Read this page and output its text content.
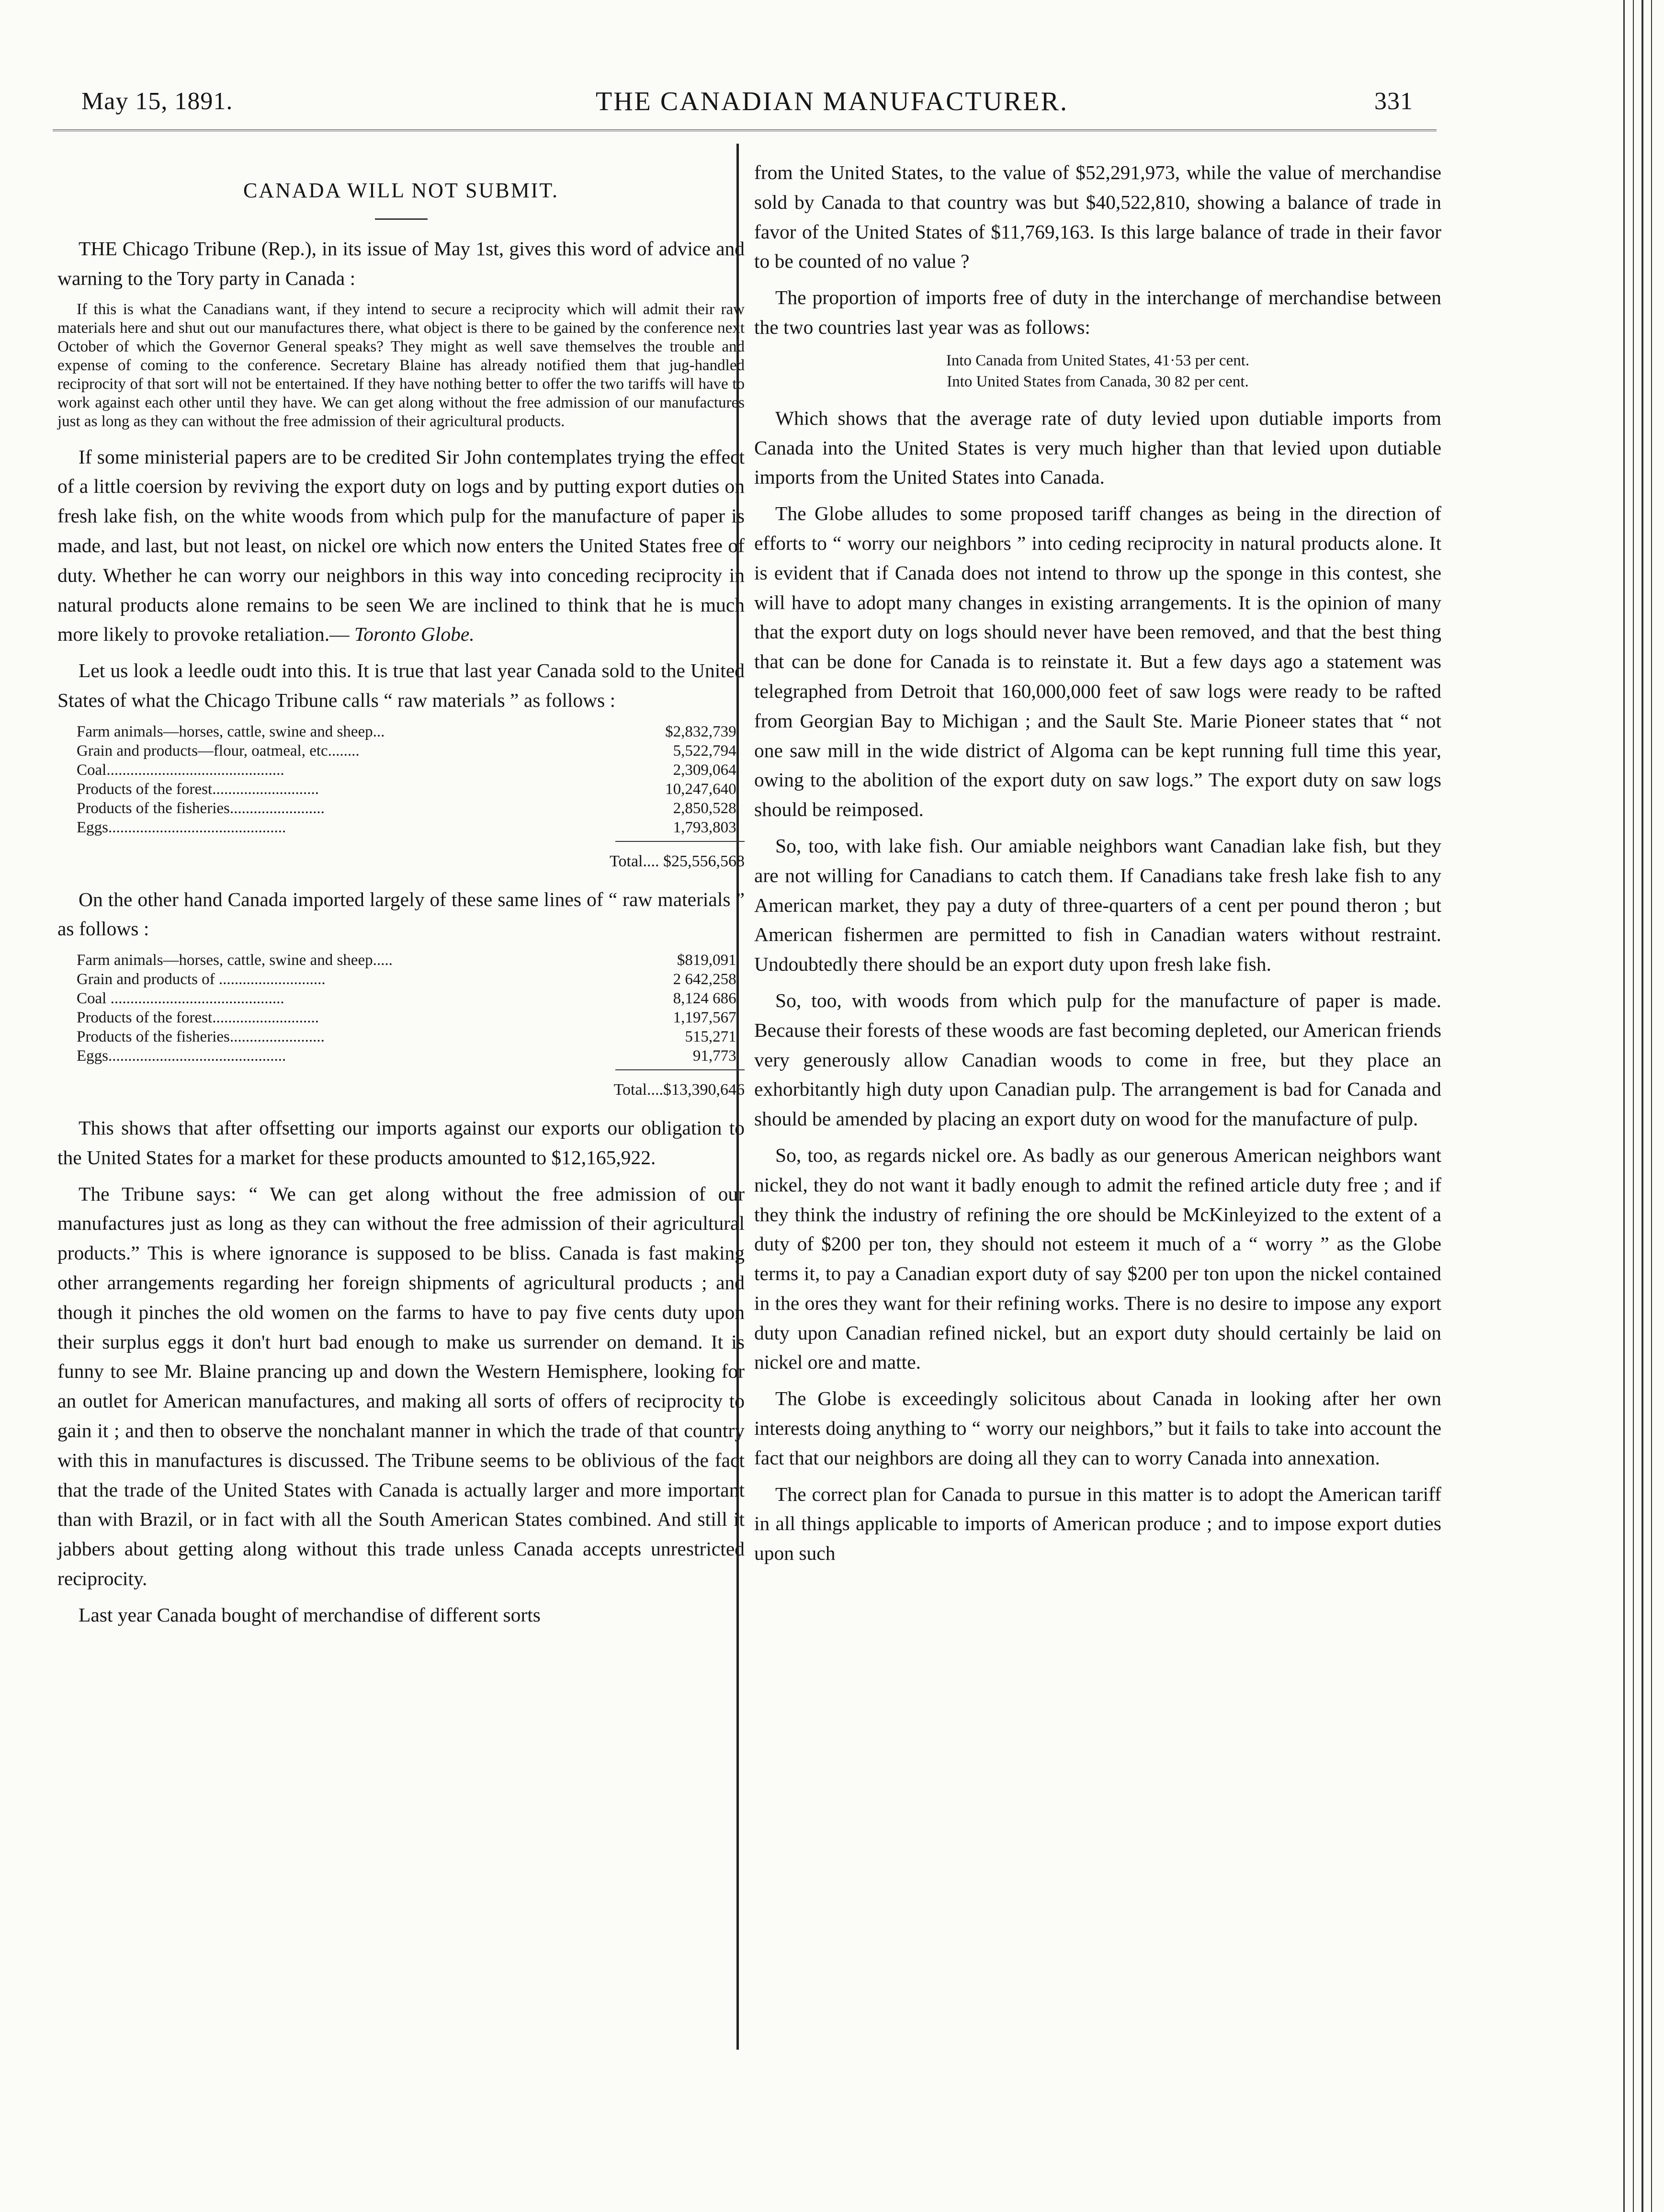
May 15, 1891.	THE CANADIAN MANUFACTURER.	331
CANADA WILL NOT SUBMIT.

THE Chicago Tribune (Rep.), in its issue of May 1st, gives this word of advice and warning to the Tory party in Canada :

If this is what the Canadians want, if they intend to secure a reciprocity which will admit their raw materials here and shut out our manufactures there, what object is there to be gained by the conference next October of which the Governor General speaks? They might as well save themselves the trouble and expense of coming to the conference. Secretary Blaine has already notified them that jug-handled reciprocity of that sort will not be entertained. If they have nothing better to offer the two tariffs will have to work against each other until they have. We can get along without the free admission of our manufactures just as long as they can without the free admission of their agricultural products.

If some ministerial papers are to be credited Sir John contemplates trying the effect of a little coersion by reviving the export duty on logs and by putting export duties on fresh lake fish, on the white woods from which pulp for the manufacture of paper is made, and last, but not least, on nickel ore which now enters the United States free of duty. Whether he can worry our neighbors in this way into conceding reciprocity in natural products alone remains to be seen We are inclined to think that he is much more likely to provoke retaliation.— Toronto Globe.

Let us look a leedle oudt into this. It is true that last year Canada sold to the United States of what the Chicago Tribune calls “ raw materials ” as follows :

Farm animals—horses, cattle, swine and sheep...	$2,832,739
Grain and products—flour, oatmeal, etc........	5,522,794
Coal.............................................	2,309,064
Products of the forest...........................	10,247,640
Products of the fisheries........................	2,850,528
Eggs.............................................	1,793,803
Total.... $25,556,568

On the other hand Canada imported largely of these same lines of “ raw materials ” as follows :

Farm animals—horses, cattle, swine and sheep.....	$819,091
Grain and products of ...........................	2 642,258
Coal ............................................	8,124 686
Products of the forest...........................	1,197,567
Products of the fisheries........................	515,271
Eggs.............................................	91,773
Total....$13,390,646

This shows that after offsetting our imports against our exports our obligation to the United States for a market for these products amounted to $12,165,922.

The Tribune says: “ We can get along without the free admission of our manufactures just as long as they can without the free admission of their agricultural products.” This is where ignorance is supposed to be bliss. Canada is fast making other arrangements regarding her foreign shipments of agricultural products ; and though it pinches the old women on the farms to have to pay five cents duty upon their surplus eggs it don't hurt bad enough to make us surrender on demand. It is funny to see Mr. Blaine prancing up and down the Western Hemisphere, looking for an outlet for American manufactures, and making all sorts of offers of reciprocity to gain it ; and then to observe the nonchalant manner in which the trade of that country with this in manufactures is discussed. The Tribune seems to be oblivious of the fact that the trade of the United States with Canada is actually larger and more important than with Brazil, or in fact with all the South American States combined. And still it jabbers about getting along without this trade unless Canada accepts unrestricted reciprocity.

Last year Canada bought of merchandise of different sorts

from the United States, to the value of $52,291,973, while the value of merchandise sold by Canada to that country was but $40,522,810, showing a balance of trade in favor of the United States of $11,769,163. Is this large balance of trade in their favor to be counted of no value ?

The proportion of imports free of duty in the interchange of merchandise between the two countries last year was as follows:

Into Canada from United States, 41·53 per cent.
Into United States from Canada, 30 82 per cent.

Which shows that the average rate of duty levied upon dutiable imports from Canada into the United States is very much higher than that levied upon dutiable imports from the United States into Canada.

The Globe alludes to some proposed tariff changes as being in the direction of efforts to “ worry our neighbors ” into ceding reciprocity in natural products alone. It is evident that if Canada does not intend to throw up the sponge in this contest, she will have to adopt many changes in existing arrangements. It is the opinion of many that the export duty on logs should never have been removed, and that the best thing that can be done for Canada is to reinstate it. But a few days ago a statement was telegraphed from Detroit that 160,000,000 feet of saw logs were ready to be rafted from Georgian Bay to Michigan ; and the Sault Ste. Marie Pioneer states that “ not one saw mill in the wide district of Algoma can be kept running full time this year, owing to the abolition of the export duty on saw logs.” The export duty on saw logs should be reimposed.

So, too, with lake fish. Our amiable neighbors want Canadian lake fish, but they are not willing for Canadians to catch them. If Canadians take fresh lake fish to any American market, they pay a duty of three-quarters of a cent per pound theron ; but American fishermen are permitted to fish in Canadian waters without restraint. Undoubtedly there should be an export duty upon fresh lake fish.

So, too, with woods from which pulp for the manufacture of paper is made. Because their forests of these woods are fast becoming depleted, our American friends very generously allow Canadian woods to come in free, but they place an exhorbitantly high duty upon Canadian pulp. The arrangement is bad for Canada and should be amended by placing an export duty on wood for the manufacture of pulp.

So, too, as regards nickel ore. As badly as our generous American neighbors want nickel, they do not want it badly enough to admit the refined article duty free ; and if they think the industry of refining the ore should be McKinleyized to the extent of a duty of $200 per ton, they should not esteem it much of a “ worry ” as the Globe terms it, to pay a Canadian export duty of say $200 per ton upon the nickel contained in the ores they want for their refining works. There is no desire to impose any export duty upon Canadian refined nickel, but an export duty should certainly be laid on nickel ore and matte.

The Globe is exceedingly solicitous about Canada in looking after her own interests doing anything to “ worry our neighbors,” but it fails to take into account the fact that our neighbors are doing all they can to worry Canada into annexation.

The correct plan for Canada to pursue in this matter is to adopt the American tariff in all things applicable to imports of American produce ; and to impose export duties upon such
